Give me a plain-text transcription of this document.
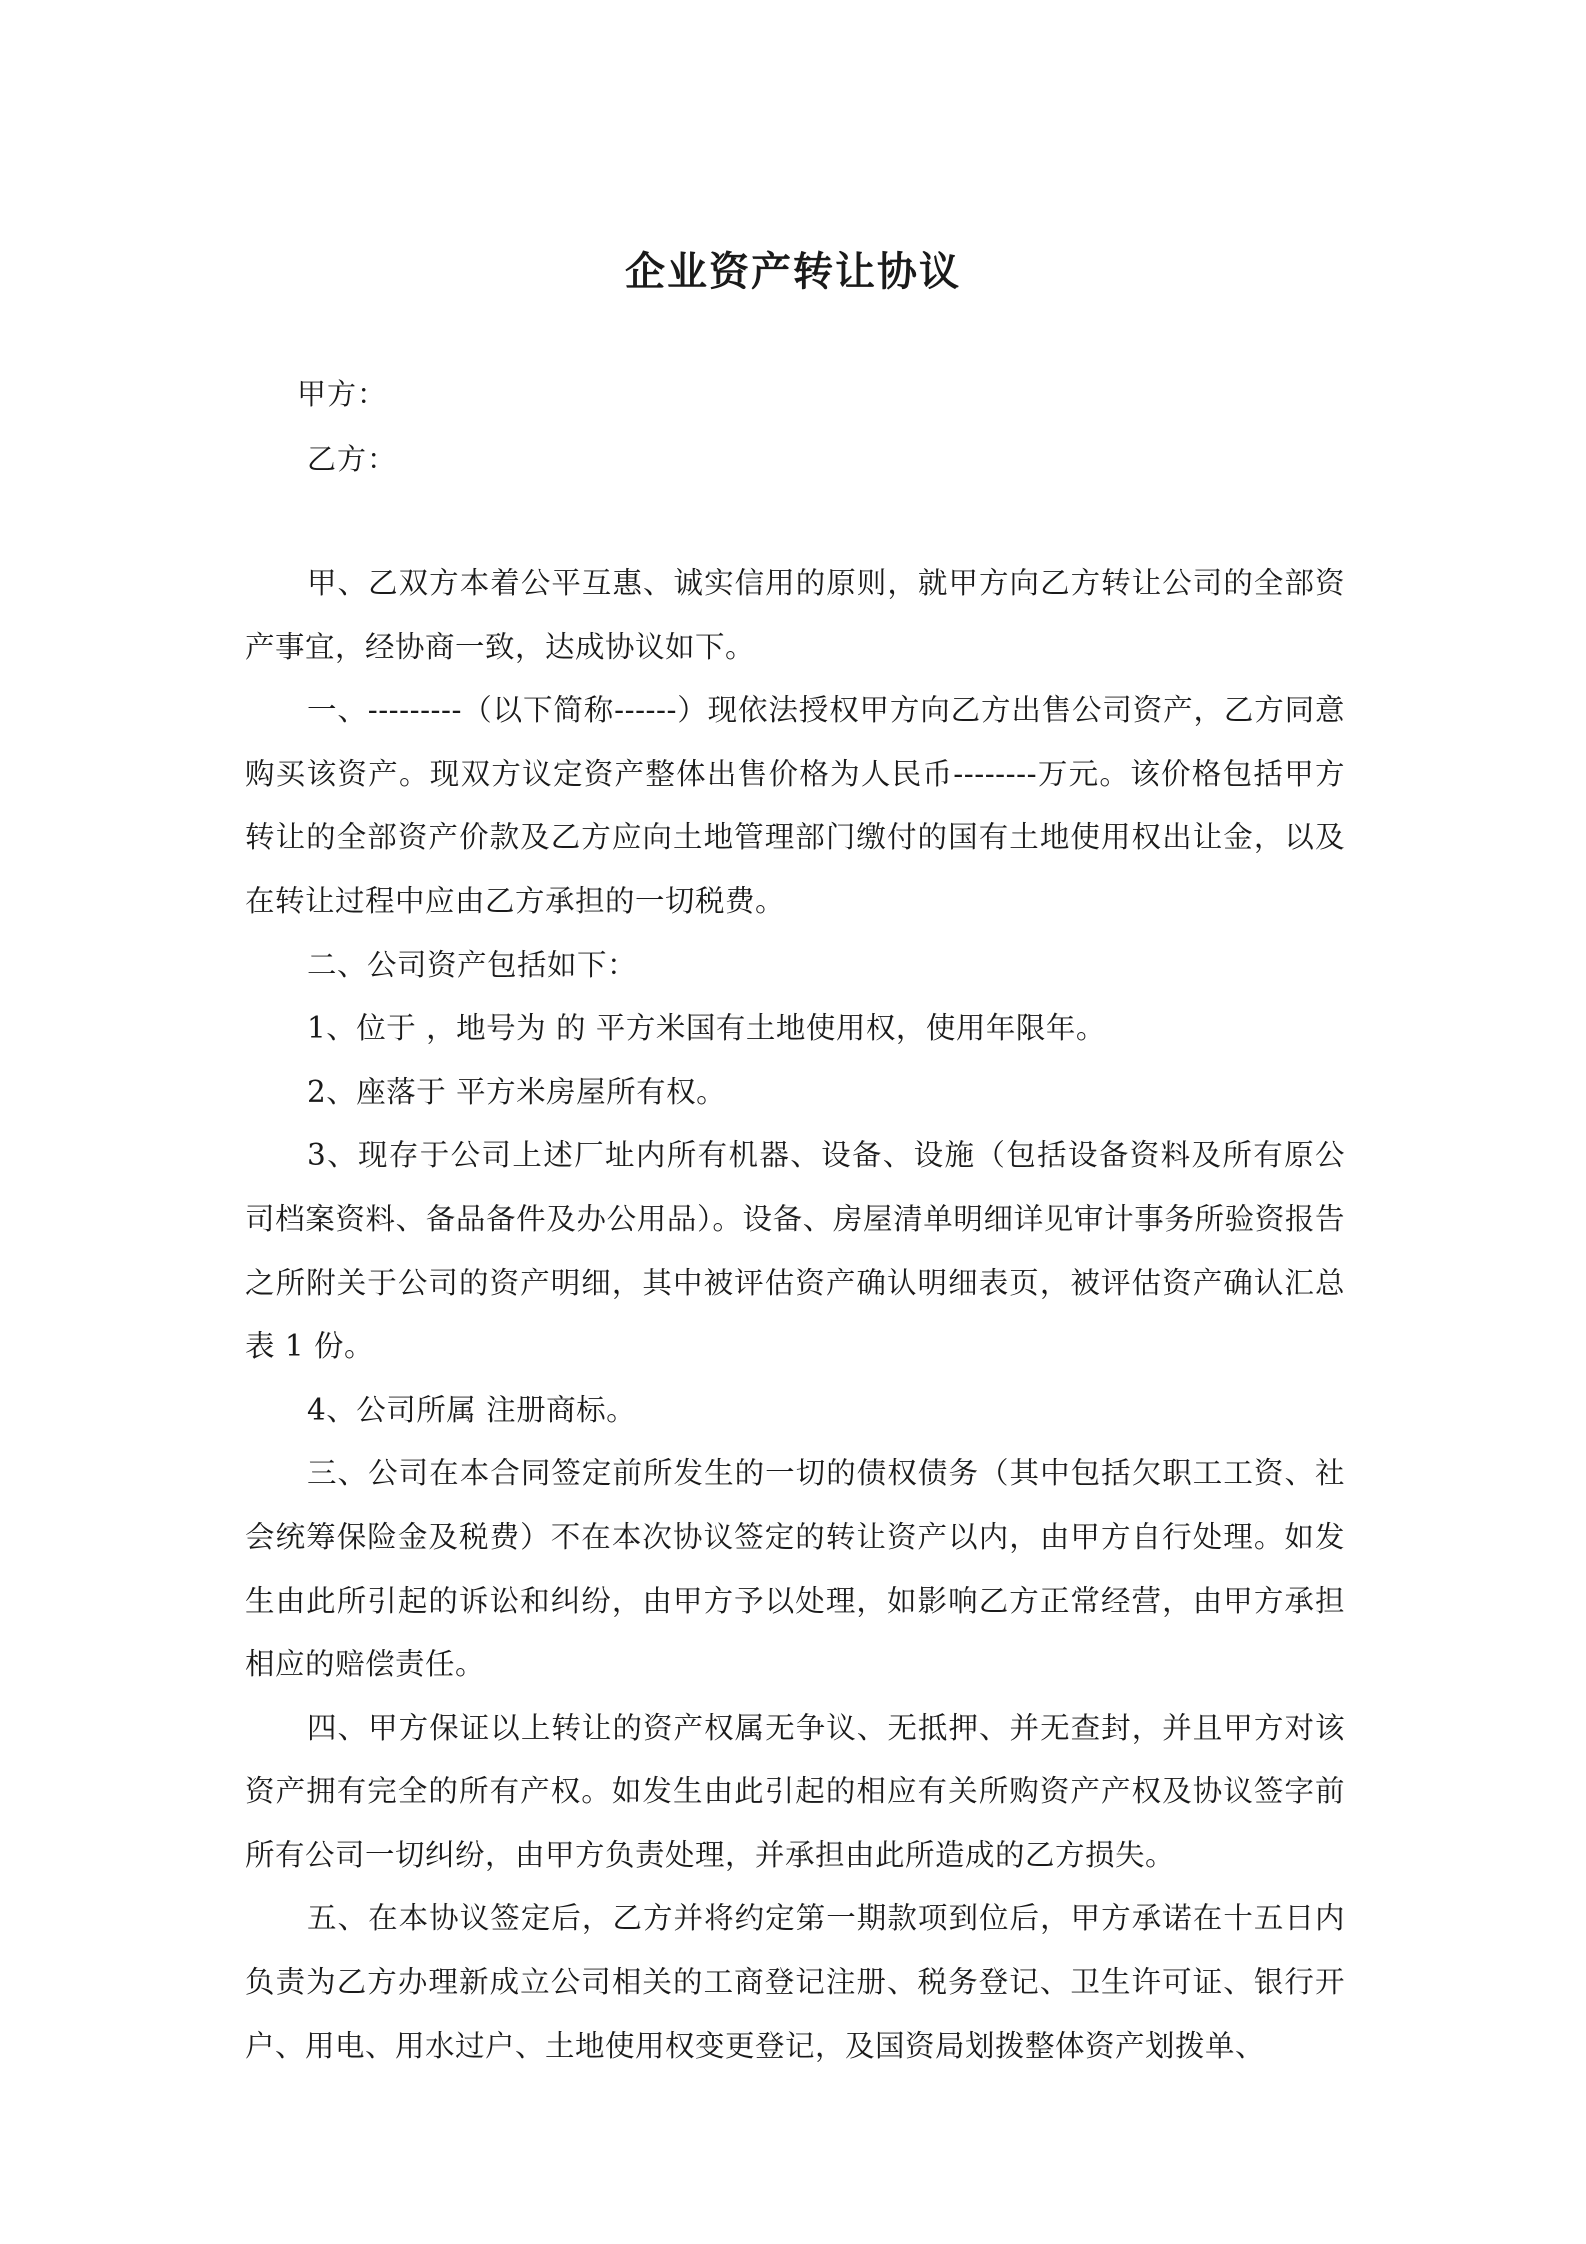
企业资产转让协议
甲方：
乙方：

甲、乙双方本着公平互惠、诚实信用的原则，就甲方向乙方转让公司的全部资产事宜，经协商一致，达成协议如下。

一、---------（以下简称------）现依法授权甲方向乙方出售公司资产，乙方同意购买该资产。现双方议定资产整体出售价格为人民币--------万元。该价格包括甲方转让的全部资产价款及乙方应向土地管理部门缴付的国有土地使用权出让金，以及在转让过程中应由乙方承担的一切税费。

二、公司资产包括如下：

1、位于 ，地号为 的 平方米国有土地使用权，使用年限年。

2、座落于 平方米房屋所有权。

3、现存于公司上述厂址内所有机器、设备、设施（包括设备资料及所有原公司档案资料、备品备件及办公用品）。设备、房屋清单明细详见审计事务所验资报告之所附关于公司的资产明细，其中被评估资产确认明细表页，被评估资产确认汇总表 1 份。

4、公司所属 注册商标。

三、公司在本合同签定前所发生的一切的债权债务（其中包括欠职工工资、社会统筹保险金及税费）不在本次协议签定的转让资产以内，由甲方自行处理。如发生由此所引起的诉讼和纠纷，由甲方予以处理，如影响乙方正常经营，由甲方承担相应的赔偿责任。

四、甲方保证以上转让的资产权属无争议、无抵押、并无查封，并且甲方对该资产拥有完全的所有产权。如发生由此引起的相应有关所购资产产权及协议签字前所有公司一切纠纷，由甲方负责处理，并承担由此所造成的乙方损失。

五、在本协议签定后，乙方并将约定第一期款项到位后，甲方承诺在十五日内负责为乙方办理新成立公司相关的工商登记注册、税务登记、卫生许可证、银行开户、用电、用水过户、土地使用权变更登记，及国资局划拨整体资产划拨单、
